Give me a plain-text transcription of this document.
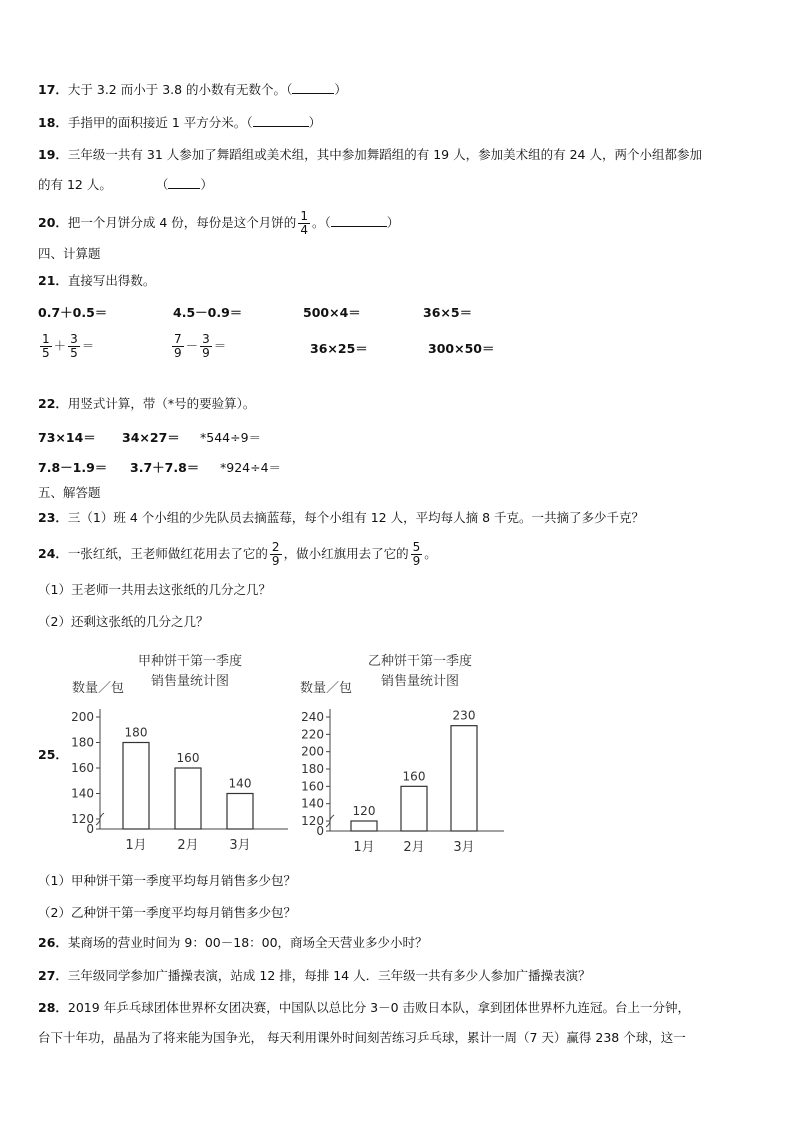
17．大于 3.2 而小于 3.8 的小数有无数个。（	）
18．手指甲的面积接近 1 平方分米。（	）
19．三年级一共有 31 人参加了舞蹈组或美术组，其中参加舞蹈组的有 19 人，参加美术组的有 24 人，两个小组都参加
的有 12 人。	（	）
20．把一个月饼分成 4 份，每份是这个月饼的 $\frac{1}{4}$ 。（	）
四、计算题
21．直接写出得数。
0.7＋0.5＝	4.5－0.9＝	500×4＝	36×5＝
$\frac{1}{5} + \frac{3}{5}$ ＝	$\frac{7}{9} - \frac{3}{9}$ ＝	36×25＝	300×50＝
22．用竖式计算，带（*号的要验算）。
73×14＝ 34×27＝ *544÷9＝
7.8－1.9＝ 3.7＋7.8＝ *924÷4＝
五、解答题
23．三（1）班 4 个小组的少先队员去摘蓝莓，每个小组有 12 人，平均每人摘 8 千克。一共摘了多少千克？
24．一张红纸，王老师做红花用去了它的 $\frac{2}{9}$ ，做小红旗用去了它的 $\frac{5}{9}$ 。
（1）王老师一共用去这张纸的几分之几？
（2）还剩这张纸的几分之几？
25．
甲种饼干第一季度
销售量统计图
数量／包
0
120
140
160
180
200
180
1月
160
2月
140
3月
乙种饼干第一季度
销售量统计图
数量／包
0
120
140
160
180
200
220
240
120
1月
160
2月
230
3月
（1）甲种饼干第一季度平均每月销售多少包？
（2）乙种饼干第一季度平均每月销售多少包？
26．某商场的营业时间为 9：00－18：00，商场全天营业多少小时？
27．三年级同学参加广播操表演，站成 12 排，每排 14 人．三年级一共有多少人参加广播操表演？
28．2019 年乒乓球团体世界杯女团决赛，中国队以总比分 3－0 击败日本队，拿到团体世界杯九连冠。台上一分钟，
台下十年功，晶晶为了将来能为国争光， 每天利用课外时间刻苦练习乒乓球，累计一周（7 天）赢得 238 个球，这一
